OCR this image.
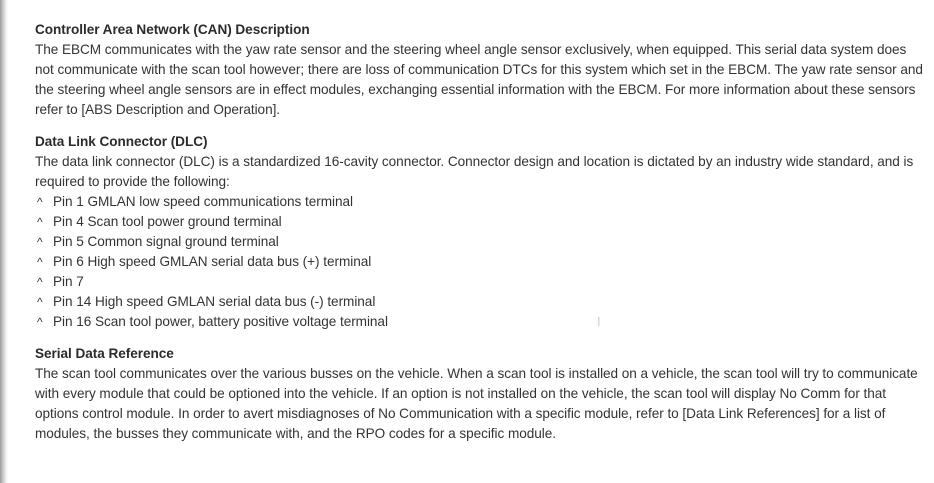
Controller Area Network (CAN) Description

The EBCM communicates with the yaw rate sensor and the steering wheel angle sensor exclusively, when equipped. This serial data system does not communicate with the scan tool however; there are loss of communication DTCs for this system which set in the EBCM. The yaw rate sensor and the steering wheel angle sensors are in effect modules, exchanging essential information with the EBCM. For more information about these sensors refer to [ABS Description and Operation].

Data Link Connector (DLC)

The data link connector (DLC) is a standardized 16-cavity connector. Connector design and location is dictated by an industry wide standard, and is required to provide the following:

^ Pin 1 GMLAN low speed communications terminal
^ Pin 4 Scan tool power ground terminal
^ Pin 5 Common signal ground terminal
^ Pin 6 High speed GMLAN serial data bus (+) terminal
^ Pin 7
^ Pin 14 High speed GMLAN serial data bus (-) terminal
^ Pin 16 Scan tool power, battery positive voltage terminal

Serial Data Reference

The scan tool communicates over the various busses on the vehicle. When a scan tool is installed on a vehicle, the scan tool will try to communicate with every module that could be optioned into the vehicle. If an option is not installed on the vehicle, the scan tool will display No Comm for that options control module. In order to avert misdiagnoses of No Communication with a specific module, refer to [Data Link References] for a list of modules, the busses they communicate with, and the RPO codes for a specific module.

I
